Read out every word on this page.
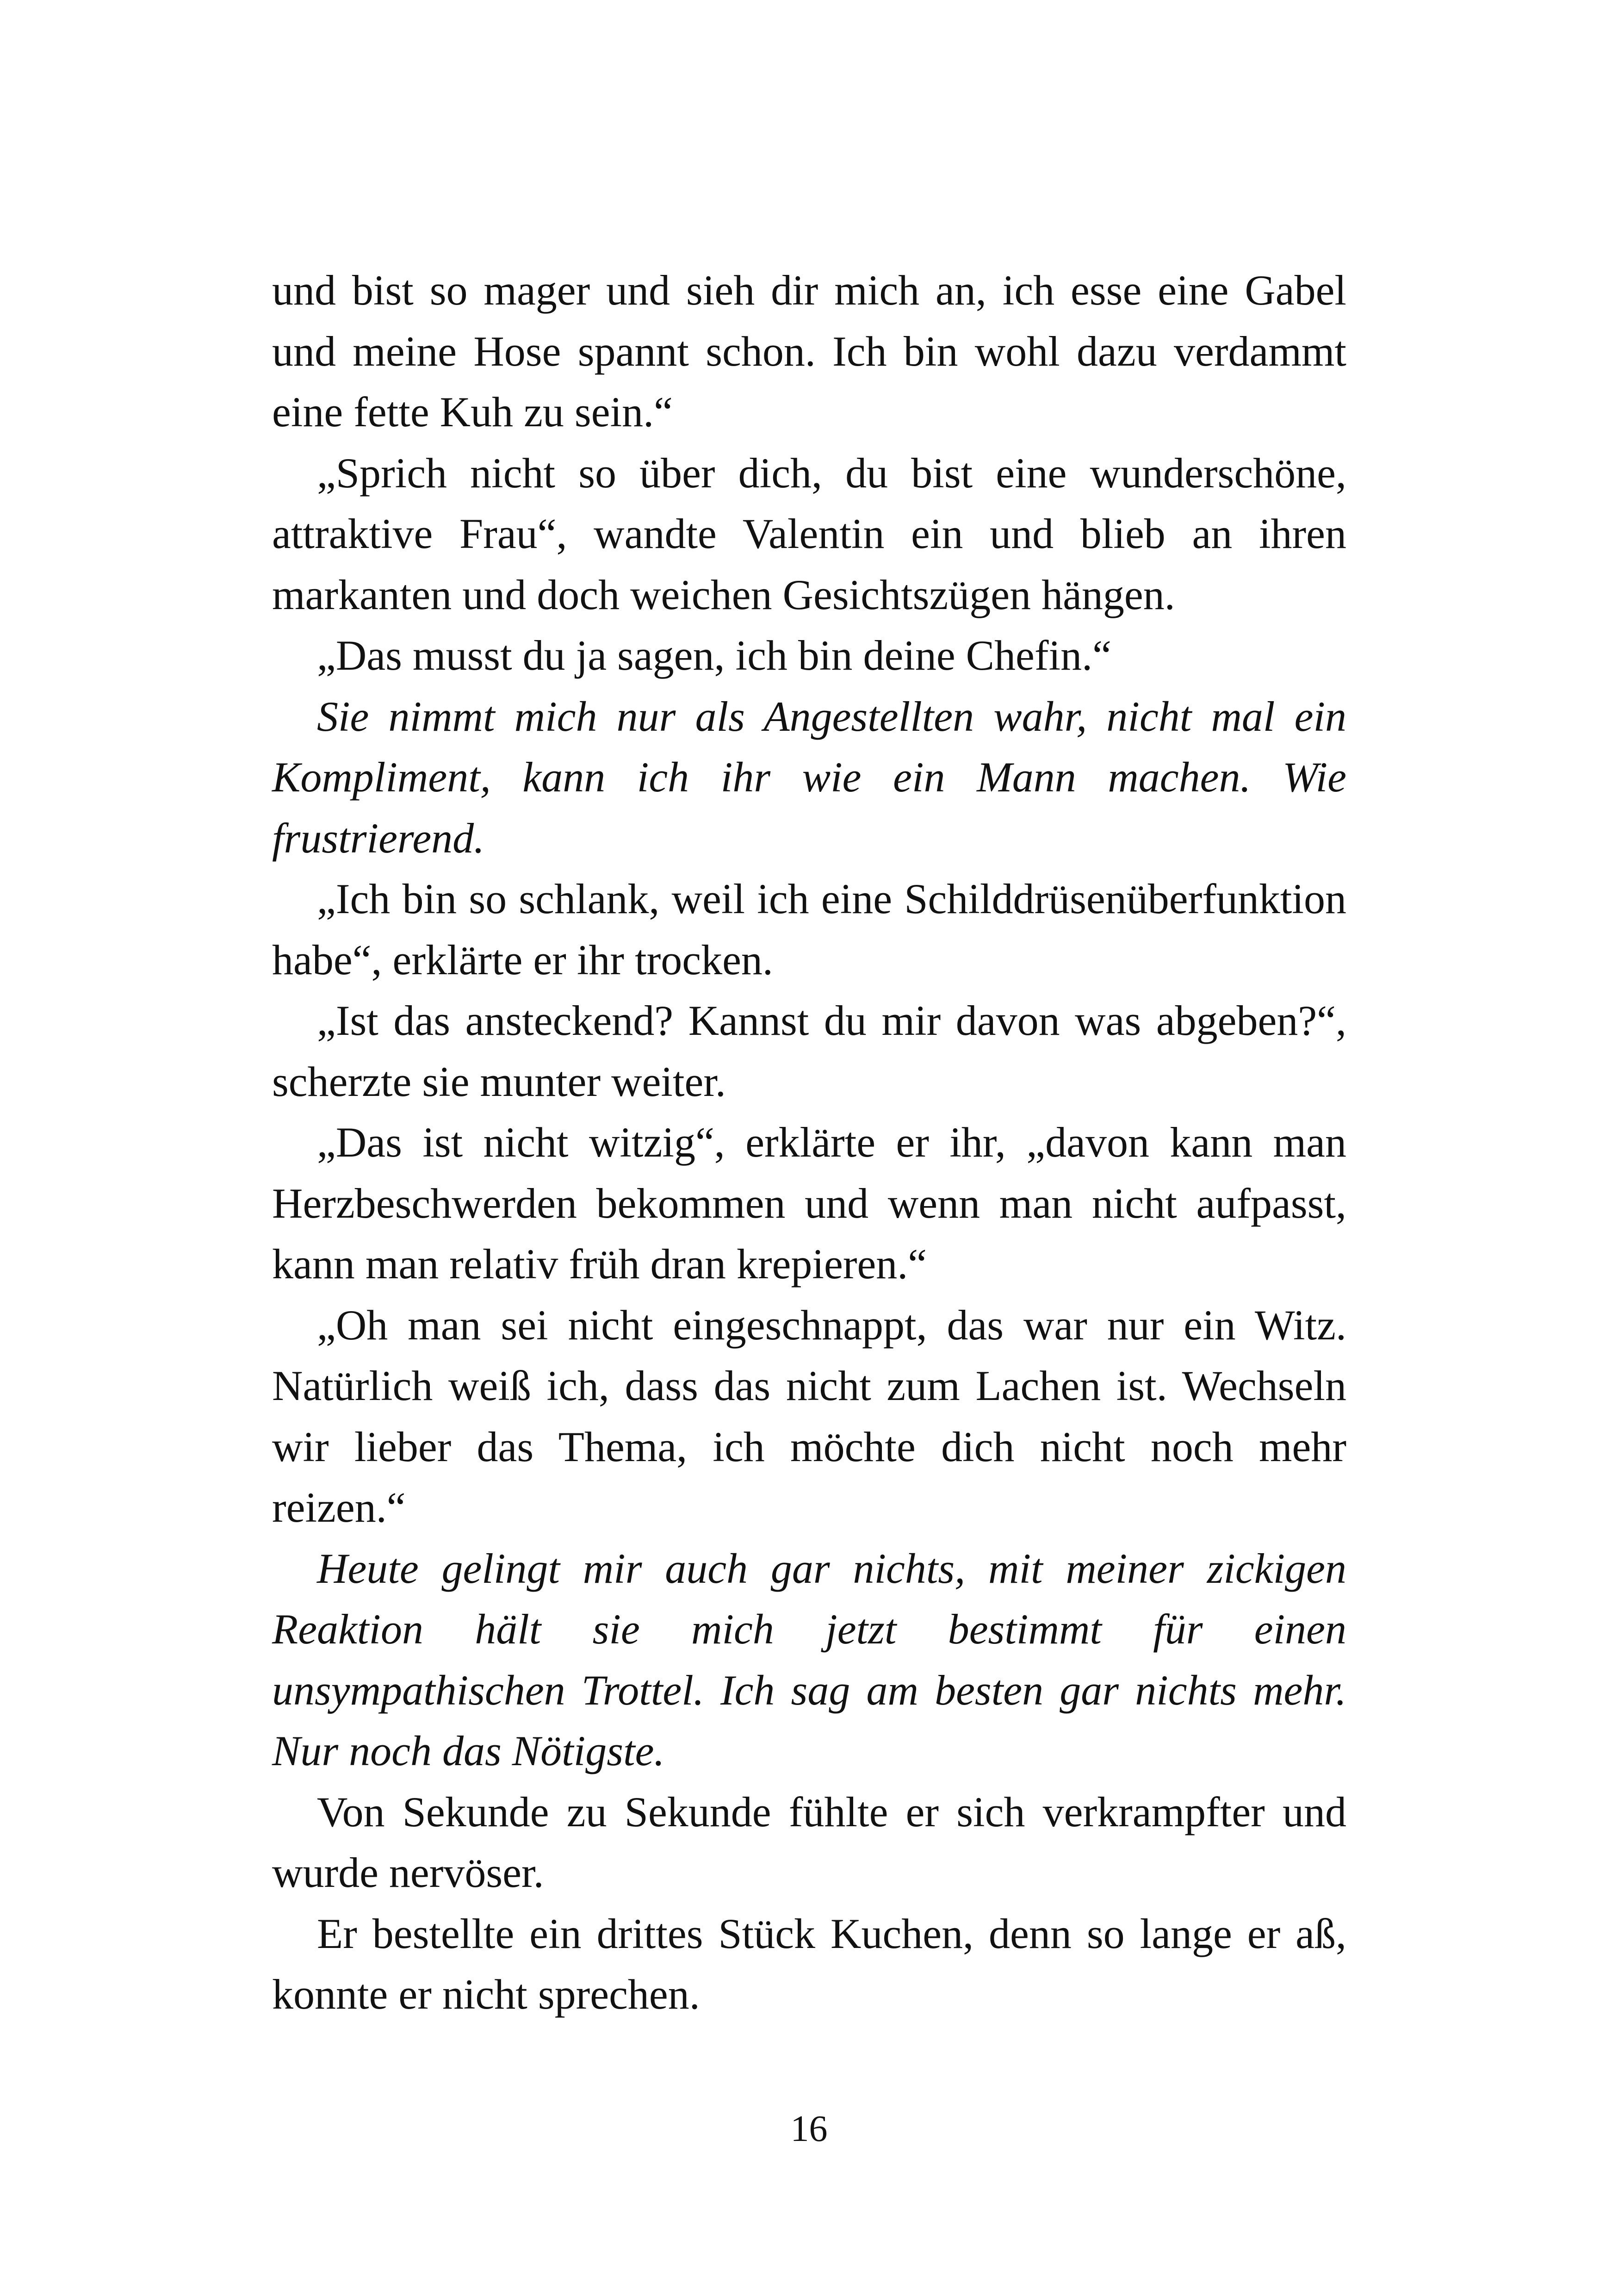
und bist so mager und sieh dir mich an, ich esse eine Gabel und meine Hose spannt schon. Ich bin wohl dazu verdammt eine fette Kuh zu sein.“

„Sprich nicht so über dich, du bist eine wunderschöne, attraktive Frau“, wandte Valentin ein und blieb an ihren markanten und doch weichen Gesichtszügen hängen.

„Das musst du ja sagen, ich bin deine Chefin.“

Sie nimmt mich nur als Angestellten wahr, nicht mal ein Kompliment, kann ich ihr wie ein Mann machen. Wie frustrierend.

„Ich bin so schlank, weil ich eine Schilddrüsenüberfunktion habe“, erklärte er ihr trocken.

„Ist das ansteckend? Kannst du mir davon was abgeben?“, scherzte sie munter weiter.

„Das ist nicht witzig“, erklärte er ihr, „davon kann man Herzbeschwerden bekommen und wenn man nicht aufpasst, kann man relativ früh dran krepieren.“

„Oh man sei nicht eingeschnappt, das war nur ein Witz. Natürlich weiß ich, dass das nicht zum Lachen ist. Wechseln wir lieber das Thema, ich möchte dich nicht noch mehr reizen.“

Heute gelingt mir auch gar nichts, mit meiner zickigen Reaktion hält sie mich jetzt bestimmt für einen unsympathischen Trottel. Ich sag am besten gar nichts mehr. Nur noch das Nötigste.

Von Sekunde zu Sekunde fühlte er sich verkrampfter und wurde nervöser.

Er bestellte ein drittes Stück Kuchen, denn so lange er aß, konnte er nicht sprechen.

16
